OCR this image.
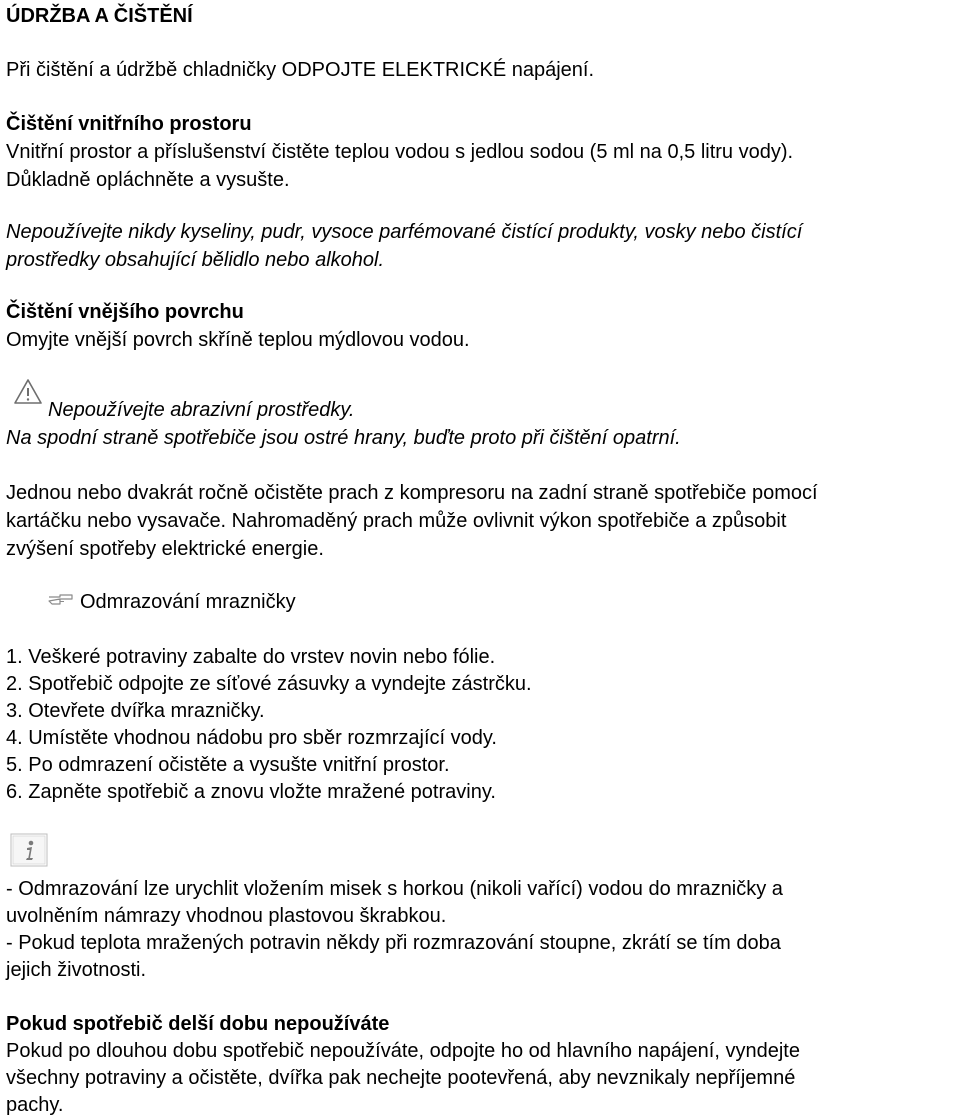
ÚDRŽBA A ČIŠTĚNÍ
Při čištění a údržbě chladničky ODPOJTE ELEKTRICKÉ napájení.
Čištění vnitřního prostoru
Vnitřní prostor a příslušenství čistěte teplou vodou s jedlou sodou (5 ml na 0,5 litru vody).
Důkladně opláchněte a vysušte.
Nepoužívejte nikdy kyseliny, pudr, vysoce parfémované čistící produkty, vosky nebo čistící
prostředky obsahující bělidlo nebo alkohol.
Čištění vnějšího povrchu
Omyjte vnější povrch skříně teplou mýdlovou vodou.
Nepoužívejte abrazivní prostředky.
Na spodní straně spotřebiče jsou ostré hrany, buďte proto při čištění opatrní.
Jednou nebo dvakrát ročně očistěte prach z kompresoru na zadní straně spotřebiče pomocí
kartáčku nebo vysavače. Nahromaděný prach může ovlivnit výkon spotřebiče a způsobit
zvýšení spotřeby elektrické energie.
Odmrazování mrazničky
1. Veškeré potraviny zabalte do vrstev novin nebo fólie.
2. Spotřebič odpojte ze síťové zásuvky a vyndejte zástrčku.
3. Otevřete dvířka mrazničky.
4. Umístěte vhodnou nádobu pro sběr rozmrzající vody.
5. Po odmrazení očistěte a vysušte vnitřní prostor.
6. Zapněte spotřebič a znovu vložte mražené potraviny.
- Odmrazování lze urychlit vložením misek s horkou (nikoli vařící) vodou do mrazničky a
uvolněním námrazy vhodnou plastovou škrabkou.
- Pokud teplota mražených potravin někdy při rozmrazování stoupne, zkrátí se tím doba
jejich životnosti.
Pokud spotřebič delší dobu nepoužíváte
Pokud po dlouhou dobu spotřebič nepoužíváte, odpojte ho od hlavního napájení, vyndejte
všechny potraviny a očistěte, dvířka pak nechejte pootevřená, aby nevznikaly nepříjemné
pachy.
